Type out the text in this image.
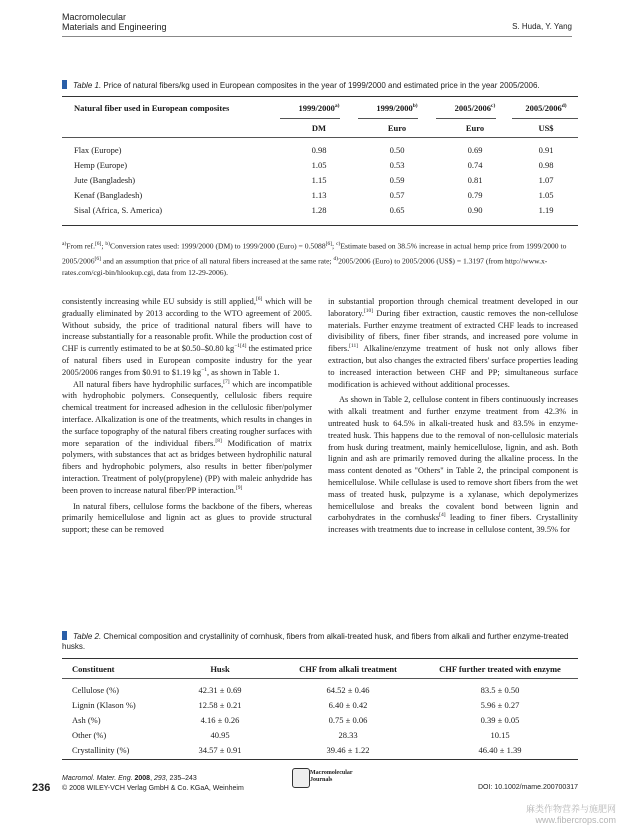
Macromolecular
Materials and Engineering	S. Huda, Y. Yang
Table 1. Price of natural fibers/kg used in European composites in the year of 1999/2000 and estimated price in the year 2005/2006.
Natural fiber used in European composites	1999/2000$^{a)}$	1999/2000$^{b)}$	2005/2006$^{c)}$	2005/2006$^{d)}$
	DM	Euro	Euro	US$

Flax (Europe)	0.98	0.50	0.69	0.91
Hemp (Europe)	1.05	0.53	0.74	0.98
Jute (Bangladesh)	1.15	0.59	0.81	1.07
Kenaf (Bangladesh)	1.13	0.57	0.79	1.05
Sisal (Africa, S. America)	1.28	0.65	0.90	1.19
$^{a)}$From ref.[6]; $^{b)}$Conversion rates used: 1999/2000 (DM) to 1999/2000 (Euro) = 0.5088[6]; $^{c)}$Estimate based on 38.5% increase in actual hemp price from 1999/2000 to 2005/2006[6] and an assumption that price of all natural fibers increased at the same rate; $^{d)}$2005/2006 (Euro) to 2005/2006 (US$) = 1.3197 (from http://www.x-rates.com/cgi-bin/hlookup.cgi, data from 12-29-2006).

consistently increasing while EU subsidy is still applied,[6] which will be gradually eliminated by 2013 according to the WTO agreement of 2005. Without subsidy, the price of traditional natural fibers will have to increase substantially for a reasonable profit. While the production cost of CHF is currently estimated to be at $0.50–$0.80 $kg^{-1[4]}$ the estimated price of natural fibers used in European composite industry for the year 2005/2006 ranges from $0.91 to $1.19 $kg^{-1}$, as shown in Table 1.

All natural fibers have hydrophilic surfaces,[7] which are incompatible with hydrophobic polymers. Consequently, cellulosic fibers require chemical treatment for increased adhesion in the cellulosic fiber/polymer interface. Alkalization is one of the treatments, which results in changes in the surface topography of the natural fibers creating rougher surfaces with more separation of the individual fibers.[8] Modification of matrix polymers, with substances that act as bridges between hydrophilic natural fibers and hydrophobic polymers, also results in better fiber/polymer interaction. Treatment of poly(propylene) (PP) with maleic anhydride has been proven to increase natural fiber/PP interaction.[9]

In natural fibers, cellulose forms the backbone of the fibers, whereas primarily hemicellulose and lignin act as glues to provide structural support; these can be removed

in substantial proportion through chemical treatment developed in our laboratory.[10] During fiber extraction, caustic removes the non-cellulose materials. Further enzyme treatment of extracted CHF leads to increased divisibility of fibers, finer fiber strands, and increased pore volume in fibers.[11] Alkaline/enzyme treatment of husk not only allows fiber extraction, but also changes the extracted fibers' surface properties leading to increased interaction between CHF and PP; simultaneous surface modification is achieved without additional processes.

As shown in Table 2, cellulose content in fibers continuously increases with alkali treatment and further enzyme treatment from 42.3% in untreated husk to 64.5% in alkali-treated husk and 83.5% in enzyme-treated husk. This happens due to the removal of non-cellulosic materials from husk during treatment, mainly hemicellulose, lignin, and ash. Both lignin and ash are primarily removed during the alkaline process. In the mass content denoted as "Others" in Table 2, the principal component is hemicellulose. While cellulase is used to remove short fibers from the wet mass of treated husk, pulpzyme is a xylanase, which depolymerizes hemicellulose and breaks the covalent bond between lignin and carbohydrates in the cornhusks[4] leading to finer fibers. Crystallinity increases with treatments due to increase in cellulose content, 39.5% for

Table 2. Chemical composition and crystallinity of cornhusk, fibers from alkali-treated husk, and fibers from alkali and further enzyme-treated husks.
Constituent	Husk	CHF from alkali treatment	CHF further treated with enzyme

Cellulose (%)	42.31 ± 0.69	64.52 ± 0.46	83.5 ± 0.50
Lignin (Klason %)	12.58 ± 0.21	6.40 ± 0.42	5.96 ± 0.27
Ash (%)	4.16 ± 0.26	0.75 ± 0.06	0.39 ± 0.05
Other (%)	40.95	28.33	10.15
Crystallinity (%)	34.57 ± 0.91	39.46 ± 1.22	46.40 ± 1.39
236
Macromol. Mater. Eng. 2008, 293, 235–243
© 2008 WILEY-VCH Verlag GmbH & Co. KGaA, Weinheim
Macromolecular
Journals
DOI: 10.1002/mame.200700317
麻类作物营养与施肥网
www.fibercrops.com
